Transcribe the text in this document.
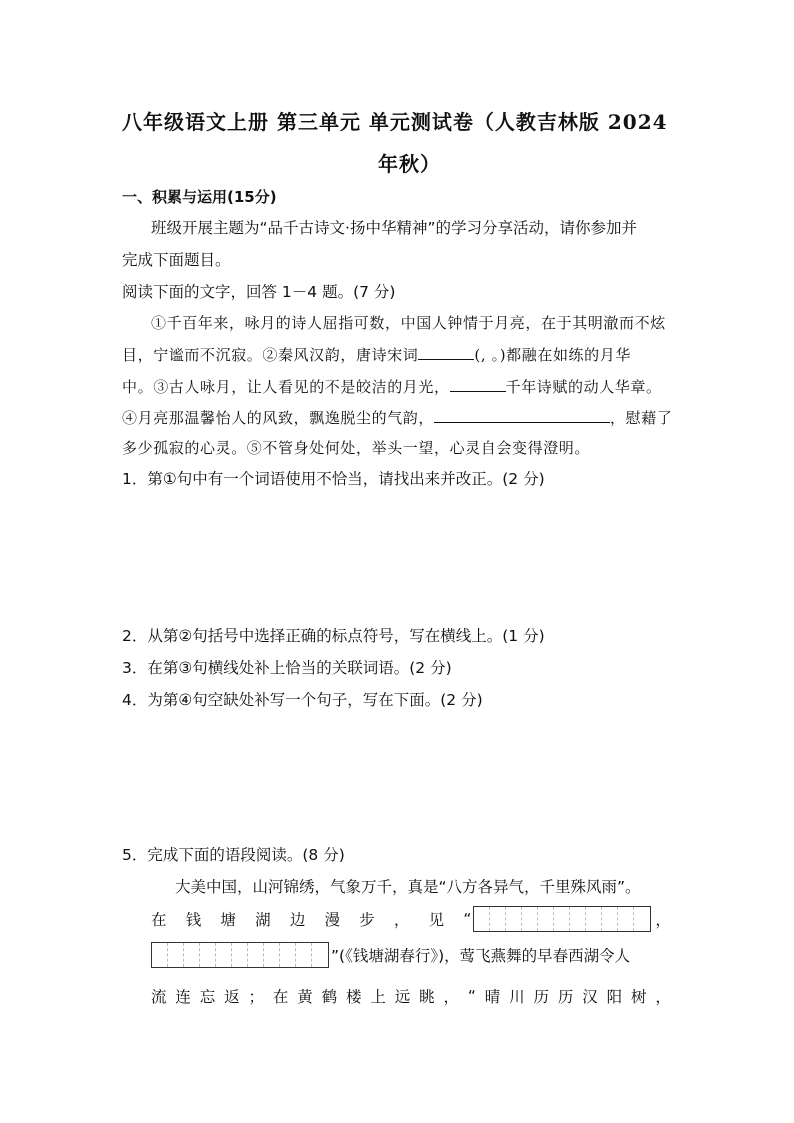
八年级语文上册 第三单元 单元测试卷（人教吉林版 2024
年秋）
一、积累与运用(15分)
班级开展主题为“品千古诗文·扬中华精神”的学习分享活动，请你参加并
完成下面题目。
阅读下面的文字，回答 1－4 题。(7 分)
①千百年来，咏月的诗人屈指可数，中国人钟情于月亮，在于其明澈而不炫
目，宁谧而不沉寂。②秦风汉韵，唐诗宋词	(, 。)都融在如练的月华
中。③古人咏月，让人看见的不是皎洁的月光，	千年诗赋的动人华章。
④月亮那温馨怡人的风致，飘逸脱尘的气韵，	，慰藉了
多少孤寂的心灵。⑤不管身处何处，举头一望，心灵自会变得澄明。
1．第①句中有一个词语使用不恰当，请找出来并改正。(2 分)
2．从第②句括号中选择正确的标点符号，写在横线上。(1 分)
3．在第③句横线处补上恰当的关联词语。(2 分)
4．为第④句空缺处补写一个句子，写在下面。(2 分)
5．完成下面的语段阅读。(8 分)
大美中国，山河锦绣，气象万千，真是“八方各异气，千里殊风雨”。
在 钱 塘 湖 边 漫 步 ， 见 “	，
”(《钱塘湖春行》)，莺飞燕舞的早春西湖令人
流 连 忘 返 ； 在 黄 鹤 楼 上 远 眺 ， “ 晴 川 历 历 汉 阳 树 ，
